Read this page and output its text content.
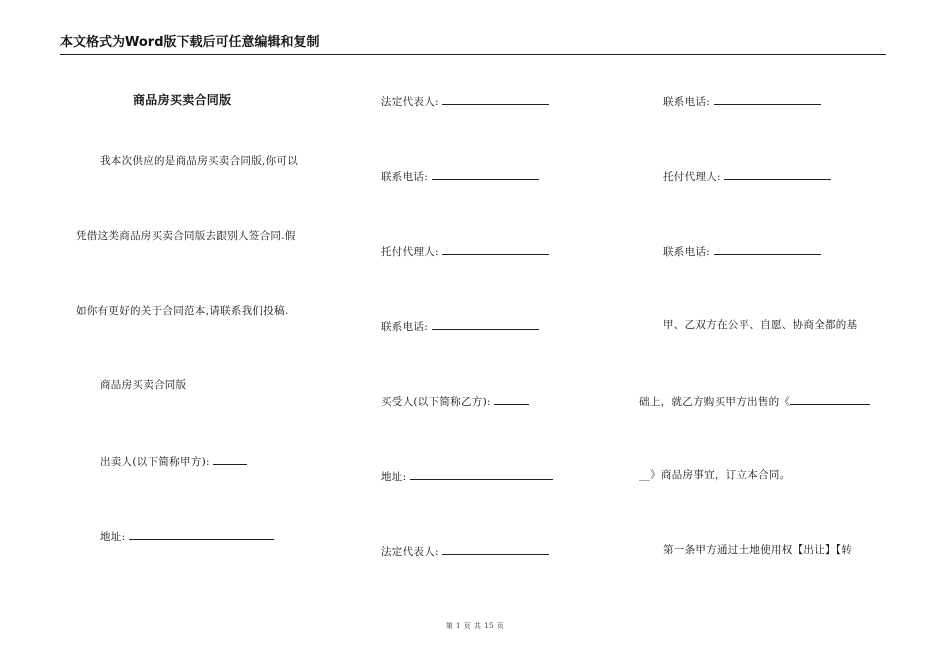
本文格式为Word版下载后可任意编辑和复制
商品房买卖合同版
我本次供应的是商品房买卖合同版,你可以
凭借这类商品房买卖合同版去跟别人签合同.假
如你有更好的关于合同范本,请联系我们投稿.
商品房买卖合同版
出卖人(以下简称甲方):
地址:
法定代表人:
联系电话:
托付代理人:
联系电话:
买受人(以下简称乙方):
地址:
法定代表人:
联系电话:
托付代理人:
联系电话:
甲、乙双方在公平、自愿、协商全都的基
础上，就乙方购买甲方出售的《
__》商品房事宜，订立本合同。
第一条甲方通过土地使用权【出让】【转
第 1 页 共 15 页
